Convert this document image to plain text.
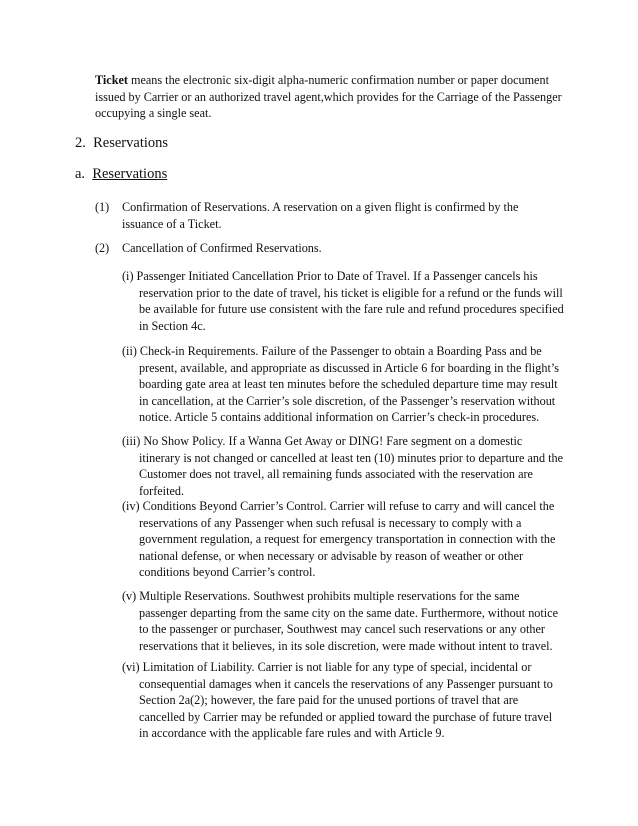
Ticket means the electronic six-digit alpha-numeric confirmation number or paper document
issued by Carrier or an authorized travel agent,which provides for the Carriage of the Passenger
occupying a single seat.
2. Reservations
a. Reservations
(1) Confirmation of Reservations. A reservation on a given flight is confirmed by the
issuance of a Ticket.
(2) Cancellation of Confirmed Reservations.
(i) Passenger Initiated Cancellation Prior to Date of Travel. If a Passenger cancels his
reservation prior to the date of travel, his ticket is eligible for a refund or the funds will
be available for future use consistent with the fare rule and refund procedures specified
in Section 4c.
(ii) Check-in Requirements. Failure of the Passenger to obtain a Boarding Pass and be
present, available, and appropriate as discussed in Article 6 for boarding in the flight’s
boarding gate area at least ten minutes before the scheduled departure time may result
in cancellation, at the Carrier’s sole discretion, of the Passenger’s reservation without
notice. Article 5 contains additional information on Carrier’s check-in procedures.
(iii) No Show Policy. If a Wanna Get Away or DING! Fare segment on a domestic
itinerary is not changed or cancelled at least ten (10) minutes prior to departure and the
Customer does not travel, all remaining funds associated with the reservation are
forfeited.
(iv) Conditions Beyond Carrier’s Control. Carrier will refuse to carry and will cancel the
reservations of any Passenger when such refusal is necessary to comply with a
government regulation, a request for emergency transportation in connection with the
national defense, or when necessary or advisable by reason of weather or other
conditions beyond Carrier’s control.
(v) Multiple Reservations. Southwest prohibits multiple reservations for the same
passenger departing from the same city on the same date. Furthermore, without notice
to the passenger or purchaser, Southwest may cancel such reservations or any other
reservations that it believes, in its sole discretion, were made without intent to travel.
(vi) Limitation of Liability. Carrier is not liable for any type of special, incidental or
consequential damages when it cancels the reservations of any Passenger pursuant to
Section 2a(2); however, the fare paid for the unused portions of travel that are
cancelled by Carrier may be refunded or applied toward the purchase of future travel
in accordance with the applicable fare rules and with Article 9.
